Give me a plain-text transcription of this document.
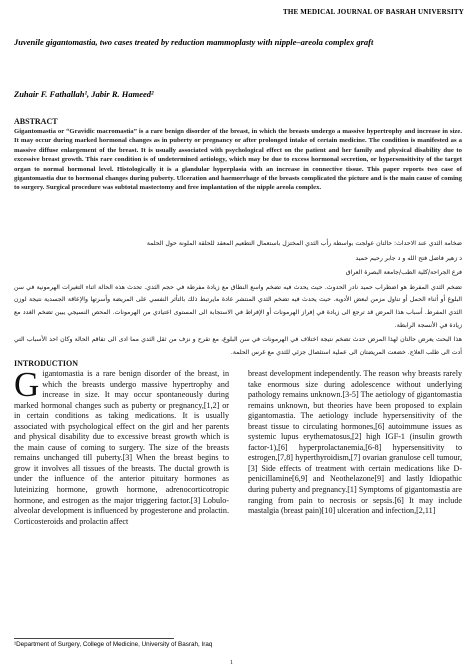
THE MEDICAL JOURNAL OF BASRAH UNIVERSITY
Juvenile gigantomastia, two cases treated by reduction mammoplasty with nipple–areola complex graft
Zuhair F. Fathallah¹, Jabir R. Hameed²
ABSTRACT
Gigantomastia or “Gravidic macromastia” is a rare benign disorder of the breast, in which the breasts undergo a massive hypertrophy and increase in size. It may occur during marked hormonal changes as in puberty or pregnancy or after prolonged intake of certain medicine. The condition is manifested as a massive diffuse enlargement of the breast. It is usually associated with psychological effect on the patient and her family and physical disability due to excessive breast growth. This rare condition is of undetermined aetiology, which may be due to excess hormonal secretion, or hypersensitivity of the target organ to normal hormonal level. Histologically it is a glandular hyperplasia with an increase in connective tissue. This paper reports two case of gigantomastia due to hormonal changes during puberty. Ulceration and haemorrhage of the breasts complicated the picture and is the main cause of coming to surgery. Surgical procedure was subtotal mastectomy and free implantation of the nipple areola complex.

ضخامة الثدي عند الاحداث: حالتان عولجت بواسطة رأب الثدي المختزل باستعمال التطعيم المعقد للحلقة الملونة حول الحلمة

د زهير فاضل فتح الله و د جابر رحيم حميد

فرع الجراحة/كلية الطب/جامعة البصرة العراق

تضخم الثدي المفرط هو اضطراب حميد نادر الحدوث. حيث يحدث فيه تضخم واسع النطاق مع زيادة مفرطة في حجم الثدي. تحدث هذه الحالة اثناء التغيرات الهرمونية في سن البلوغ أو أثناء الحمل أو تناول مزمن لبعض الأدوية. حيث يحدث فيه تضخم الثدي المنتشر عادة مايرتبط ذلك بالتأثر النفسي على المريضة وأسرتها والإعاقة الجسدية نتيجة لوزن الثدي المفرط. أسباب هذا المرض قد ترجع الى زيادة في إفراز الهرمونات أو الإفراط في الاستجابة الى المستوى اعتيادي من الهرمونات. المحص النسيجي يبين تضخم الغدد مع زيادة في الأنسجة الرابطة.

هذا البحث يعرض حالتان لهذا المرض حدث تضخم نتيجة اختلاف في الهرمونات في سن البلوغ، مع تقرح و نزف من ثقل الثدي مما ادى الى تفاقم الحالة وكان احد الأسباب التي أدت الى طلب العلاج. خضعت المريضتان الى عملية استئصال جزئي للثدي مع غرس الحلمة.

INTRODUCTION
G igantomastia is a rare benign disorder of the breast, in which the breasts undergo massive hypertrophy and increase in size. It may occur spontaneously during marked hormonal changes such as puberty or pregnancy,[1,2] or in certain conditions as taking medications. It is usually associated with psychological effect on the girl and her parents and physical disability due to excessive breast growth which is the main cause of coming to surgery. The size of the breasts remains unchanged till puberty.[3] When the breast begins to grow it involves all tissues of the breasts. The ductal growth is under the influence of the anterior pituitary hormones as luteinizing hormone, growth hormone, adrenocorticotropic hormone, and estrogen as the major triggering factor.[3] Lobulo-alveolar development is influenced by progesterone and prolactin. Corticosteroids and prolactin affect
breast development independently. The reason why breasts rarely take enormous size during adolescence without underlying pathology remains unknown.[3-5] The aetiology of gigantomastia remains unknown, but theories have been proposed to explain gigantomastia. The aetiology include hypersensitivity of the breast tissue to circulating hormones,[6] autoimmune issues as systemic lupus erythematosus,[2] high IGF-1 (insulin growth factor-1),[6] hyperprolactanemia,[6-8] hypersensitivity to estrogen,[7,8] hyperthyroidism,[7] ovarian granulose cell tumour,[3] Side effects of treatment with certain medications like D-penicillamine[6,9] and Neothelazone[9] and lastly Idiopathic during puberty and pregnancy.[1] Symptoms of gigantomastia are ranging from pain to necrosis or sepsis.[6] It may include mastalgia (breast pain)[10] ulceration and infection,[2,11]
¹Department of Surgery, College of Medicine, University of Basrah, Iraq
1
